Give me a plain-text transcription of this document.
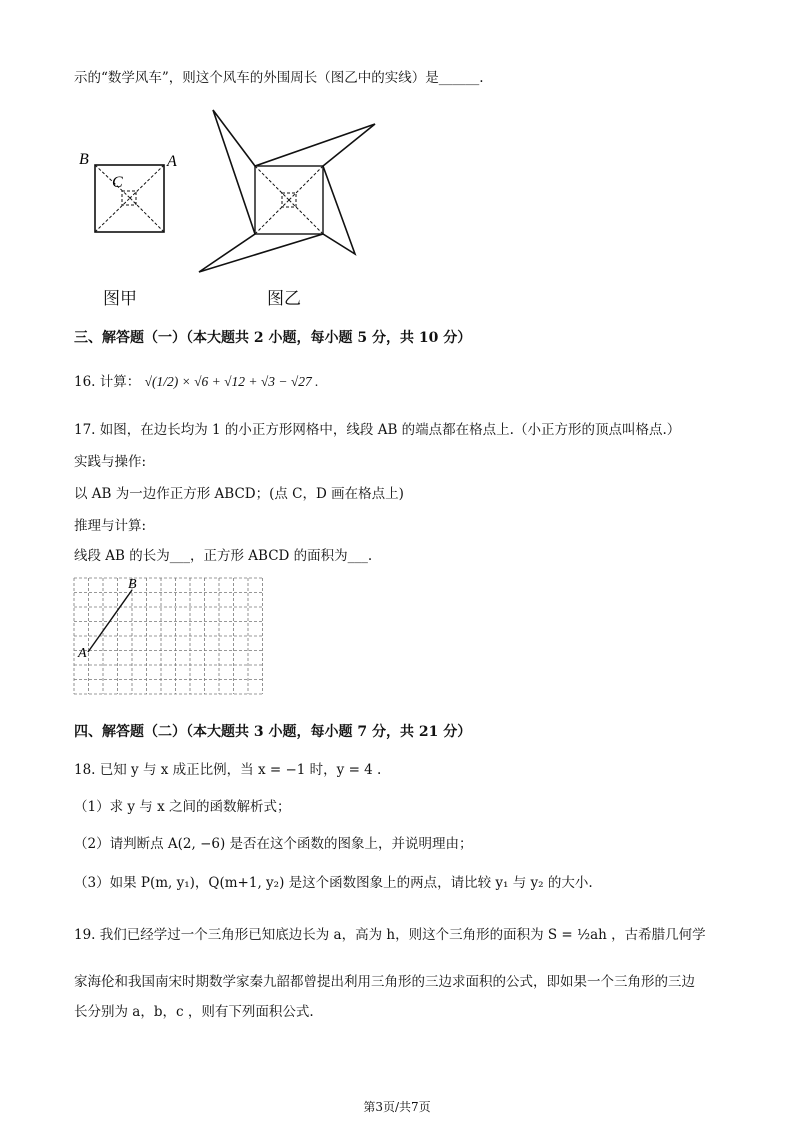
示的“数学风车”，则这个风车的外围周长（图乙中的实线）是______.
B	A
C
图甲	图乙
三、解答题（一）（本大题共 2 小题，每小题 5 分，共 10 分）
16. 计算： √(1/2) × √6 + √12 + √3 − √27 .
17. 如图，在边长均为 1 的小正方形网格中，线段 AB 的端点都在格点上.（小正方形的顶点叫格点.）
实践与操作:
以 AB 为一边作正方形 ABCD；(点 C，D 画在格点上)
推理与计算:
线段 AB 的长为___，正方形 ABCD 的面积为___.
B
A
四、解答题（二）（本大题共 3 小题，每小题 7 分，共 21 分）
18. 已知 y 与 x 成正比例，当 x = −1 时，y = 4 .
（1）求 y 与 x 之间的函数解析式；
（2）请判断点 A(2, −6) 是否在这个函数的图象上，并说明理由；
（3）如果 P(m, y₁)，Q(m+1, y₂) 是这个函数图象上的两点，请比较 y₁ 与 y₂ 的大小.
19. 我们已经学过一个三角形已知底边长为 a，高为 h，则这个三角形的面积为 S = ½ah ，古希腊几何学
家海伦和我国南宋时期数学家秦九韶都曾提出利用三角形的三边求面积的公式，即如果一个三角形的三边
长分别为 a，b，c ，则有下列面积公式.
第3页/共7页
